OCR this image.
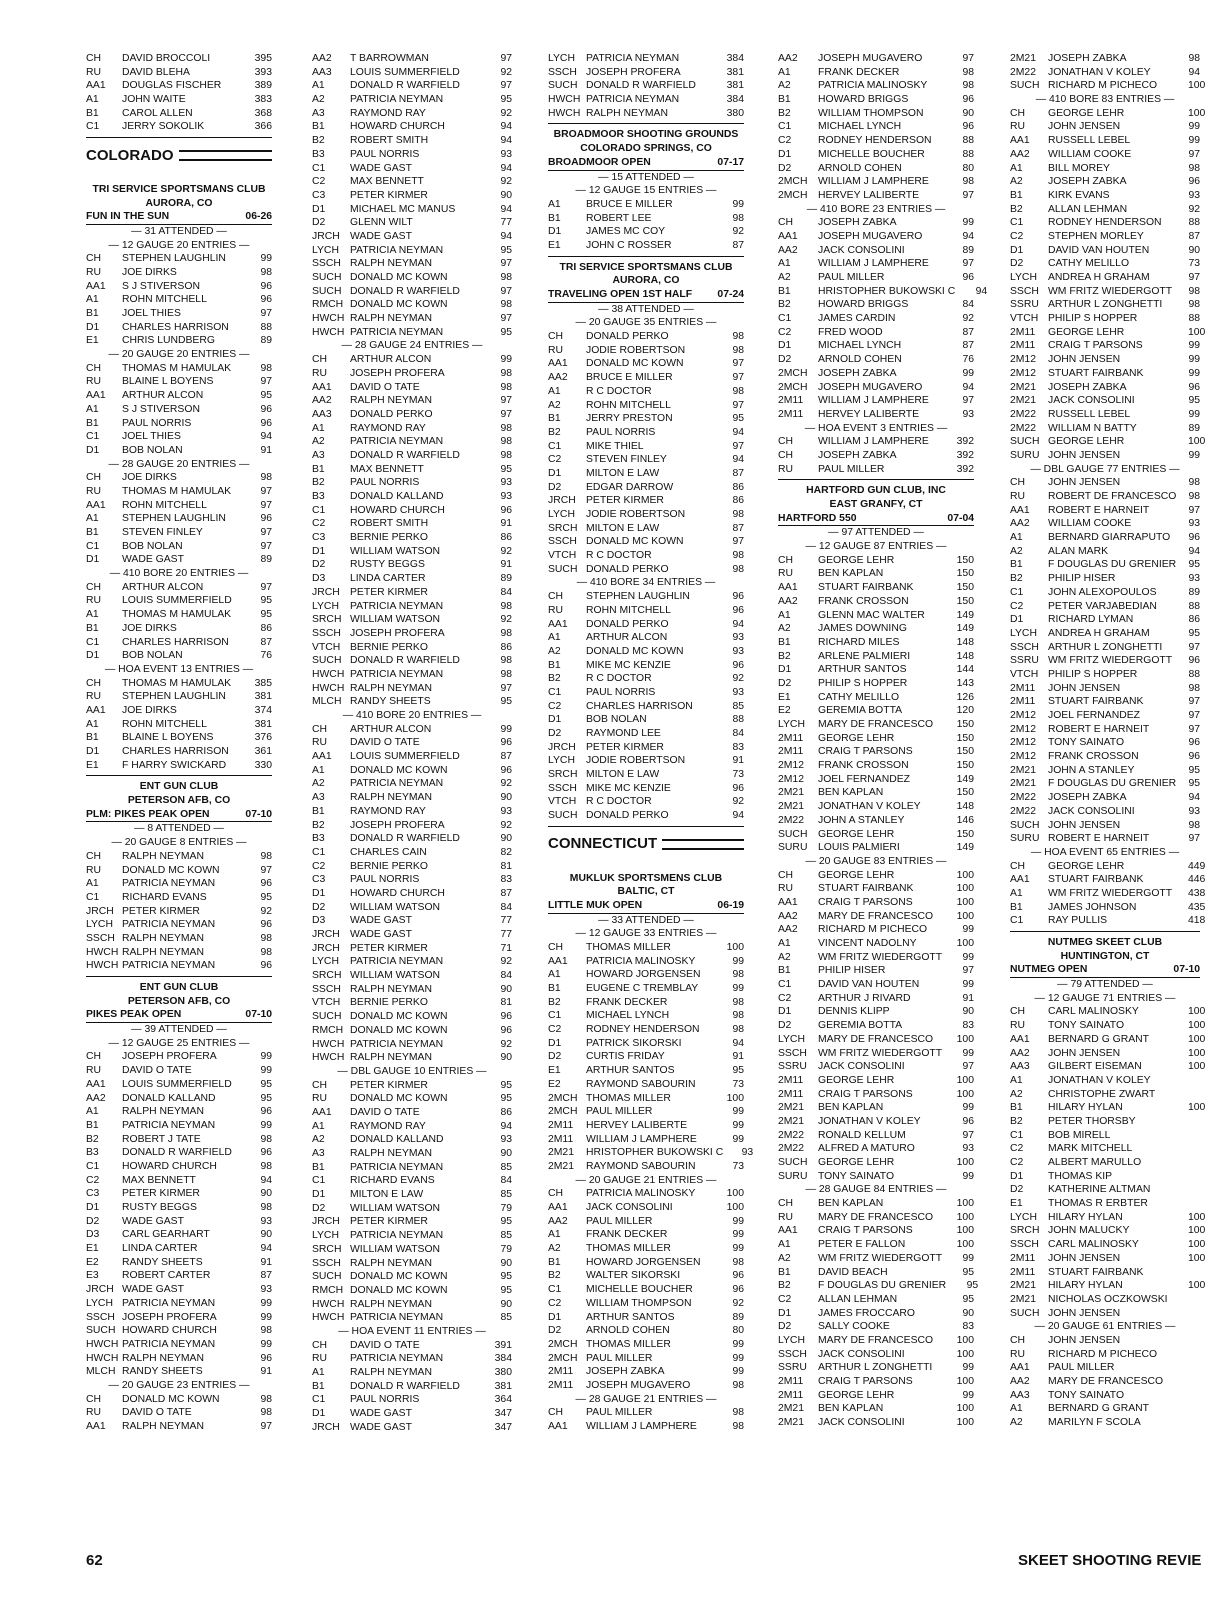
CH	DAVID BROCCOLI	395
RU	DAVID BLEHA	393
AA1	DOUGLAS FISCHER	389
A1	JOHN WAITE	383
B1	CAROL ALLEN	368
C1	JERRY SOKOLIK	366
COLORADO
TRI SERVICE SPORTSMANS CLUB
AURORA, CO
FUN IN THE SUN	06-26
— 31 ATTENDED —
— 12 GAUGE 20 ENTRIES —
CH	STEPHEN LAUGHLIN	99
RU	JOE DIRKS	98
AA1	S J STIVERSON	96
A1	ROHN MITCHELL	96
B1	JOEL THIES	97
D1	CHARLES HARRISON	88
E1	CHRIS LUNDBERG	89
— 20 GAUGE 20 ENTRIES —
CH	THOMAS M HAMULAK	98
RU	BLAINE L BOYENS	97
AA1	ARTHUR ALCON	95
A1	S J STIVERSON	96
B1	PAUL NORRIS	96
C1	JOEL THIES	94
D1	BOB NOLAN	91
— 28 GAUGE 20 ENTRIES —
CH	JOE DIRKS	98
RU	THOMAS M HAMULAK	97
AA1	ROHN MITCHELL	97
A1	STEPHEN LAUGHLIN	96
B1	STEVEN FINLEY	97
C1	BOB NOLAN	97
D1	WADE GAST	89
— 410 BORE 20 ENTRIES —
CH	ARTHUR ALCON	97
RU	LOUIS SUMMERFIELD	95
A1	THOMAS M HAMULAK	95
B1	JOE DIRKS	86
C1	CHARLES HARRISON	87
D1	BOB NOLAN	76
— HOA EVENT 13 ENTRIES —
CH	THOMAS M HAMULAK	385
RU	STEPHEN LAUGHLIN	381
AA1	JOE DIRKS	374
A1	ROHN MITCHELL	381
B1	BLAINE L BOYENS	376
D1	CHARLES HARRISON	361
E1	F HARRY SWICKARD	330
ENT GUN CLUB
PETERSON AFB, CO
PLM: PIKES PEAK OPEN	07-10
— 8 ATTENDED —
— 20 GAUGE 8 ENTRIES —
CH	RALPH NEYMAN	98
RU	DONALD MC KOWN	97
A1	PATRICIA NEYMAN	96
C1	RICHARD EVANS	95
JRCH PETER KIRMER	92
LYCH PATRICIA NEYMAN	96
SSCH RALPH NEYMAN	98
HWCH RALPH NEYMAN	98
HWCH PATRICIA NEYMAN	96
ENT GUN CLUB
PETERSON AFB, CO
PIKES PEAK OPEN	07-10
— 39 ATTENDED —
— 12 GAUGE 25 ENTRIES —
CH	JOSEPH PROFERA	99
RU	DAVID O TATE	99
AA1	LOUIS SUMMERFIELD	95
AA2	DONALD KALLAND	95
A1	RALPH NEYMAN	96
B1	PATRICIA NEYMAN	99
B2	ROBERT J TATE	98
B3	DONALD R WARFIELD	96
C1	HOWARD CHURCH	98
C2	MAX BENNETT	94
C3	PETER KIRMER	90
D1	RUSTY BEGGS	98
D2	WADE GAST	93
D3	CARL GEARHART	90
E1	LINDA CARTER	94
E2	RANDY SHEETS	91
E3	ROBERT CARTER	87
JRCH WADE GAST	93
LYCH PATRICIA NEYMAN	99
SSCH JOSEPH PROFERA	99
SUCH HOWARD CHURCH	98
HWCH PATRICIA NEYMAN	99
HWCH RALPH NEYMAN	96
MLCH RANDY SHEETS	91
— 20 GAUGE 23 ENTRIES —
CH	DONALD MC KOWN	98
RU	DAVID O TATE	98
AA1	RALPH NEYMAN	97
AA2	T BARROWMAN	97
AA3	LOUIS SUMMERFIELD	92
A1	DONALD R WARFIELD	97
A2	PATRICIA NEYMAN	95
A3	RAYMOND RAY	92
B1	HOWARD CHURCH	94
B2	ROBERT SMITH	94
B3	PAUL NORRIS	93
C1	WADE GAST	94
C2	MAX BENNETT	92
C3	PETER KIRMER	90
D1	MICHAEL MC MANUS	94
D2	GLENN WILT	77
JRCH WADE GAST	94
LYCH	PATRICIA NEYMAN	95
SSCH RALPH NEYMAN	97
SUCH DONALD MC KOWN	98
SUCH DONALD R WARFIELD	97
RMCH DONALD MC KOWN	98
HWCH RALPH NEYMAN	97
HWCH PATRICIA NEYMAN	95
— 28 GAUGE 24 ENTRIES —
CH	ARTHUR ALCON	99
RU	JOSEPH PROFERA	98
AA1	DAVID O TATE	98
AA2	RALPH NEYMAN	97
AA3	DONALD PERKO	97
A1	RAYMOND RAY	98
A2	PATRICIA NEYMAN	98
A3	DONALD R WARFIELD	98
B1	MAX BENNETT	95
B2	PAUL NORRIS	93
B3	DONALD KALLAND	93
C1	HOWARD CHURCH	96
C2	ROBERT SMITH	91
C3	BERNIE PERKO	86
D1	WILLIAM WATSON	92
D2	RUSTY BEGGS	91
D3	LINDA CARTER	89
JRCH PETER KIRMER	84
LYCH	PATRICIA NEYMAN	98
SRCH WILLIAM WATSON	92
SSCH JOSEPH PROFERA	98
VTCH BERNIE PERKO	86
SUCH DONALD R WARFIELD	98
HWCH PATRICIA NEYMAN	98
HWCH RALPH NEYMAN	97
MLCH RANDY SHEETS	95
— 410 BORE 20 ENTRIES —
CH	ARTHUR ALCON	99
RU	DAVID O TATE	96
AA1	LOUIS SUMMERFIELD	87
A1	DONALD MC KOWN	96
A2	PATRICIA NEYMAN	92
A3	RALPH NEYMAN	90
B1	RAYMOND RAY	93
B2	JOSEPH PROFERA	92
B3	DONALD R WARFIELD	90
C1	CHARLES CAIN	82
C2	BERNIE PERKO	81
C3	PAUL NORRIS	83
D1	HOWARD CHURCH	87
D2	WILLIAM WATSON	84
D3	WADE GAST	77
JRCH WADE GAST	77
JRCH PETER KIRMER	71
LYCH	PATRICIA NEYMAN	92
SRCH WILLIAM WATSON	84
SSCH RALPH NEYMAN	90
VTCH BERNIE PERKO	81
SUCH DONALD MC KOWN	96
RMCH DONALD MC KOWN	96
HWCH PATRICIA NEYMAN	92
HWCH RALPH NEYMAN	90
— DBL GAUGE 10 ENTRIES —
CH	PETER KIRMER	95
RU	DONALD MC KOWN	95
AA1	DAVID O TATE	86
A1	RAYMOND RAY	94
A2	DONALD KALLAND	93
A3	RALPH NEYMAN	90
B1	PATRICIA NEYMAN	85
C1	RICHARD EVANS	84
D1	MILTON E LAW	85
D2	WILLIAM WATSON	79
JRCH PETER KIRMER	95
LYCH	PATRICIA NEYMAN	85
SRCH WILLIAM WATSON	79
SSCH RALPH NEYMAN	90
SUCH DONALD MC KOWN	95
RMCH DONALD MC KOWN	95
HWCH RALPH NEYMAN	90
HWCH PATRICIA NEYMAN	85
— HOA EVENT 11 ENTRIES —
CH	DAVID O TATE	391
RU	PATRICIA NEYMAN	384
A1	RALPH NEYMAN	380
B1	DONALD R WARFIELD	381
C1	PAUL NORRIS	364
D1	WADE GAST	347
JRCH WADE GAST	347
LYCH	PATRICIA NEYMAN	384
SSCH JOSEPH PROFERA	381
SUCH DONALD R WARFIELD	381
HWCH PATRICIA NEYMAN	384
HWCH RALPH NEYMAN	380
BROADMOOR SHOOTING GROUNDS
COLORADO SPRINGS, CO
BROADMOOR OPEN	07-17
— 15 ATTENDED —
— 12 GAUGE 15 ENTRIES —
A1	BRUCE E MILLER	99
B1	ROBERT LEE	98
D1	JAMES MC COY	92
E1	JOHN C ROSSER	87
TRI SERVICE SPORTSMANS CLUB
AURORA, CO
TRAVELING OPEN 1ST HALF 07-24
— 38 ATTENDED —
— 20 GAUGE 35 ENTRIES —
CH	DONALD PERKO	98
RU	JODIE ROBERTSON	98
AA1	DONALD MC KOWN	97
AA2	BRUCE E MILLER	97
A1	R C DOCTOR	98
A2	ROHN MITCHELL	97
B1	JERRY PRESTON	95
B2	PAUL NORRIS	94
C1	MIKE THIEL	97
C2	STEVEN FINLEY	94
D1	MILTON E LAW	87
D2	EDGAR DARROW	86
JRCH PETER KIRMER	86
LYCH	JODIE ROBERTSON	98
SRCH MILTON E LAW	87
SSCH DONALD MC KOWN	97
VTCH R C DOCTOR	98
SUCH DONALD PERKO	98
— 410 BORE 34 ENTRIES —
CH	STEPHEN LAUGHLIN	96
RU	ROHN MITCHELL	96
AA1	DONALD PERKO	94
A1	ARTHUR ALCON	93
A2	DONALD MC KOWN	93
B1	MIKE MC KENZIE	96
B2	R C DOCTOR	92
C1	PAUL NORRIS	93
C2	CHARLES HARRISON	85
D1	BOB NOLAN	88
D2	RAYMOND LEE	84
JRCH PETER KIRMER	83
LYCH	JODIE ROBERTSON	91
SRCH MILTON E LAW	73
SSCH MIKE MC KENZIE	96
VTCH R C DOCTOR	92
SUCH DONALD PERKO	94
CONNECTICUT
MUKLUK SPORTSMENS CLUB
BALTIC, CT
LITTLE MUK OPEN	06-19
— 33 ATTENDED —
— 12 GAUGE 33 ENTRIES —
CH	THOMAS MILLER	100
AA1	PATRICIA MALINOSKY	99
A1	HOWARD JORGENSEN	98
B1	EUGENE C TREMBLAY	99
B2	FRANK DECKER	98
C1	MICHAEL LYNCH	98
C2	RODNEY HENDERSON	98
D1	PATRICK SIKORSKI	94
D2	CURTIS FRIDAY	91
E1	ARTHUR SANTOS	95
E2	RAYMOND SABOURIN	73
2MCH THOMAS MILLER	100
2MCH PAUL MILLER	99
2M11	HERVEY LALIBERTE	99
2M11	WILLIAM J LAMPHERE	99
2M21	HRISTOPHER BUKOWSKI C	93
2M21	RAYMOND SABOURIN	73
— 20 GAUGE 21 ENTRIES —
CH	PATRICIA MALINOSKY	100
AA1	JACK CONSOLINI	100
AA2	PAUL MILLER	99
A1	FRANK DECKER	99
A2	THOMAS MILLER	99
B1	HOWARD JORGENSEN	98
B2	WALTER SIKORSKI	96
C1	MICHELLE BOUCHER	96
C2	WILLIAM THOMPSON	92
D1	ARTHUR SANTOS	89
D2	ARNOLD COHEN	80
2MCH THOMAS MILLER	99
2MCH PAUL MILLER	99
2M11	JOSEPH ZABKA	99
2M11	JOSEPH MUGAVERO	98
— 28 GAUGE 21 ENTRIES —
CH	PAUL MILLER	98
AA1	WILLIAM J LAMPHERE	98
AA2	JOSEPH MUGAVERO	97
A1	FRANK DECKER	98
A2	PATRICIA MALINOSKY	98
B1	HOWARD BRIGGS	96
B2	WILLIAM THOMPSON	90
C1	MICHAEL LYNCH	96
C2	RODNEY HENDERSON	88
D1	MICHELLE BOUCHER	88
D2	ARNOLD COHEN	80
2MCH	WILLIAM J LAMPHERE	98
2MCH	HERVEY LALIBERTE	97
— 410 BORE 23 ENTRIES —
CH	JOSEPH ZABKA	99
AA1	JOSEPH MUGAVERO	94
AA2	JACK CONSOLINI	89
A1	WILLIAM J LAMPHERE	97
A2	PAUL MILLER	96
B1	HRISTOPHER BUKOWSKI C	94
B2	HOWARD BRIGGS	84
C1	JAMES CARDIN	92
C2	FRED WOOD	87
D1	MICHAEL LYNCH	87
D2	ARNOLD COHEN	76
2MCH	JOSEPH ZABKA	99
2MCH	JOSEPH MUGAVERO	94
2M11	WILLIAM J LAMPHERE	97
2M11	HERVEY LALIBERTE	93
— HOA EVENT 3 ENTRIES —
CH	WILLIAM J LAMPHERE	392
CH	JOSEPH ZABKA	392
RU	PAUL MILLER	392
HARTFORD GUN CLUB, INC
EAST GRANFY, CT
HARTFORD 550	07-04
— 97 ATTENDED —
— 12 GAUGE 87 ENTRIES —
CH	GEORGE LEHR	150
RU	BEN KAPLAN	150
AA1	STUART FAIRBANK	150
AA2	FRANK CROSSON	150
A1	GLENN MAC WALTER	149
A2	JAMES DOWNING	149
B1	RICHARD MILES	148
B2	ARLENE PALMIERI	148
D1	ARTHUR SANTOS	144
D2	PHILIP S HOPPER	143
E1	CATHY MELILLO	126
E2	GEREMIA BOTTA	120
LYCH	MARY DE FRANCESCO	150
2M11	GEORGE LEHR	150
2M11	CRAIG T PARSONS	150
2M12	FRANK CROSSON	150
2M12	JOEL FERNANDEZ	149
2M21	BEN KAPLAN	150
2M21	JONATHAN V KOLEY	148
2M22	JOHN A STANLEY	146
SUCH	GEORGE LEHR	150
SURU	LOUIS PALMIERI	149
— 20 GAUGE 83 ENTRIES —
CH	GEORGE LEHR	100
RU	STUART FAIRBANK	100
AA1	CRAIG T PARSONS	100
AA2	MARY DE FRANCESCO	100
AA2	RICHARD M PICHECO	99
A1	VINCENT NADOLNY	100
A2	WM FRITZ WIEDERGOTT	99
B1	PHILIP HISER	97
C1	DAVID VAN HOUTEN	99
C2	ARTHUR J RIVARD	91
D1	DENNIS KLIPP	90
D2	GEREMIA BOTTA	83
LYCH	MARY DE FRANCESCO	100
SSCH	WM FRITZ WIEDERGOTT	99
SSRU	JACK CONSOLINI	97
2M11	GEORGE LEHR	100
2M11	CRAIG T PARSONS	100
2M21	BEN KAPLAN	99
2M21	JONATHAN V KOLEY	96
2M22	RONALD KELLUM	97
2M22	ALFRED A MATURO	93
SUCH	GEORGE LEHR	100
SURU	TONY SAINATO	99
— 28 GAUGE 84 ENTRIES —
CH	BEN KAPLAN	100
RU	MARY DE FRANCESCO	100
AA1	CRAIG T PARSONS	100
A1	PETER E FALLON	100
A2	WM FRITZ WIEDERGOTT	99
B1	DAVID BEACH	95
B2	F DOUGLAS DU GRENIER	95
C2	ALLAN LEHMAN	95
D1	JAMES FROCCARO	90
D2	SALLY COOKE	83
LYCH	MARY DE FRANCESCO	100
SSCH	JACK CONSOLINI	100
SSRU	ARTHUR L ZONGHETTI	99
2M11	CRAIG T PARSONS	100
2M11	GEORGE LEHR	99
2M21	BEN KAPLAN	100
2M21	JACK CONSOLINI	100
2M21	JOSEPH ZABKA	98
2M22	JONATHAN V KOLEY	94
SUCH RICHARD M PICHECO	100
— 410 BORE 83 ENTRIES —
CH	GEORGE LEHR	100
RU	JOHN JENSEN	99
AA1	RUSSELL LEBEL	99
AA2	WILLIAM COOKE	97
A1	BILL MOREY	98
A2	JOSEPH ZABKA	96
B1	KIRK EVANS	93
B2	ALLAN LEHMAN	92
C1	RODNEY HENDERSON	88
C2	STEPHEN MORLEY	87
D1	DAVID VAN HOUTEN	90
D2	CATHY MELILLO	73
LYCH	ANDREA H GRAHAM	97
SSCH WM FRITZ WIEDERGOTT	98
SSRU ARTHUR L ZONGHETTI	98
VTCH PHILIP S HOPPER	88
2M11	GEORGE LEHR	100
2M11	CRAIG T PARSONS	99
2M12	JOHN JENSEN	99
2M12	STUART FAIRBANK	99
2M21	JOSEPH ZABKA	96
2M21	JACK CONSOLINI	95
2M22	RUSSELL LEBEL	99
2M22	WILLIAM N BATTY	89
SUCH GEORGE LEHR	100
SURU JOHN JENSEN	99
— DBL GAUGE 77 ENTRIES —
CH	JOHN JENSEN	98
RU	ROBERT DE FRANCESCO	98
AA1	ROBERT E HARNEIT	97
AA2	WILLIAM COOKE	93
A1	BERNARD GIARRAPUTO	96
A2	ALAN MARK	94
B1	F DOUGLAS DU GRENIER	95
B2	PHILIP HISER	93
C1	JOHN ALEXOPOULOS	89
C2	PETER VARJABEDIAN	88
D1	RICHARD LYMAN	86
LYCH	ANDREA H GRAHAM	95
SSCH ARTHUR L ZONGHETTI	97
SSRU WM FRITZ WIEDERGOTT	96
VTCH PHILIP S HOPPER	88
2M11	JOHN JENSEN	98
2M11	STUART FAIRBANK	97
2M12	JOEL FERNANDEZ	97
2M12	ROBERT E HARNEIT	97
2M12	TONY SAINATO	96
2M12	FRANK CROSSON	96
2M21	JOHN A STANLEY	95
2M21	F DOUGLAS DU GRENIER	95
2M22	JOSEPH ZABKA	94
2M22	JACK CONSOLINI	93
SUCH JOHN JENSEN	98
SURU ROBERT E HARNEIT	97
— HOA EVENT 65 ENTRIES —
CH	GEORGE LEHR	449
AA1	STUART FAIRBANK	446
A1	WM FRITZ WIEDERGOTT	438
B1	JAMES JOHNSON	435
C1	RAY PULLIS	418
NUTMEG SKEET CLUB
HUNTINGTON, CT
NUTMEG OPEN	07-10
— 79 ATTENDED —
— 12 GAUGE 71 ENTRIES —
CH	CARL MALINOSKY	100
RU	TONY SAINATO	100
AA1	BERNARD G GRANT	100
AA2	JOHN JENSEN	100
AA3	GILBERT EISEMAN	100
A1	JONATHAN V KOLEY
A2	CHRISTOPHE ZWART
B1	HILARY HYLAN	100
B2	PETER THORSBY
C1	BOB MIRELL
C2	MARK MITCHELL
C2	ALBERT MARULLO
D1	THOMAS KIP
D2	KATHERINE ALTMAN
E1	THOMAS R ERBTER
LYCH	HILARY HYLAN	100
SRCH JOHN MALUCKY	100
SSCH CARL MALINOSKY	100
2M11	JOHN JENSEN	100
2M11	STUART FAIRBANK
2M21	HILARY HYLAN	100
2M21	NICHOLAS OCZKOWSKI
SUCH JOHN JENSEN
— 20 GAUGE 61 ENTRIES —
CH	JOHN JENSEN
RU	RICHARD M PICHECO
AA1	PAUL MILLER
AA2	MARY DE FRANCESCO
AA3	TONY SAINATO
A1	BERNARD G GRANT
A2	MARILYN F SCOLA
62	SKEET SHOOTING REVIE
